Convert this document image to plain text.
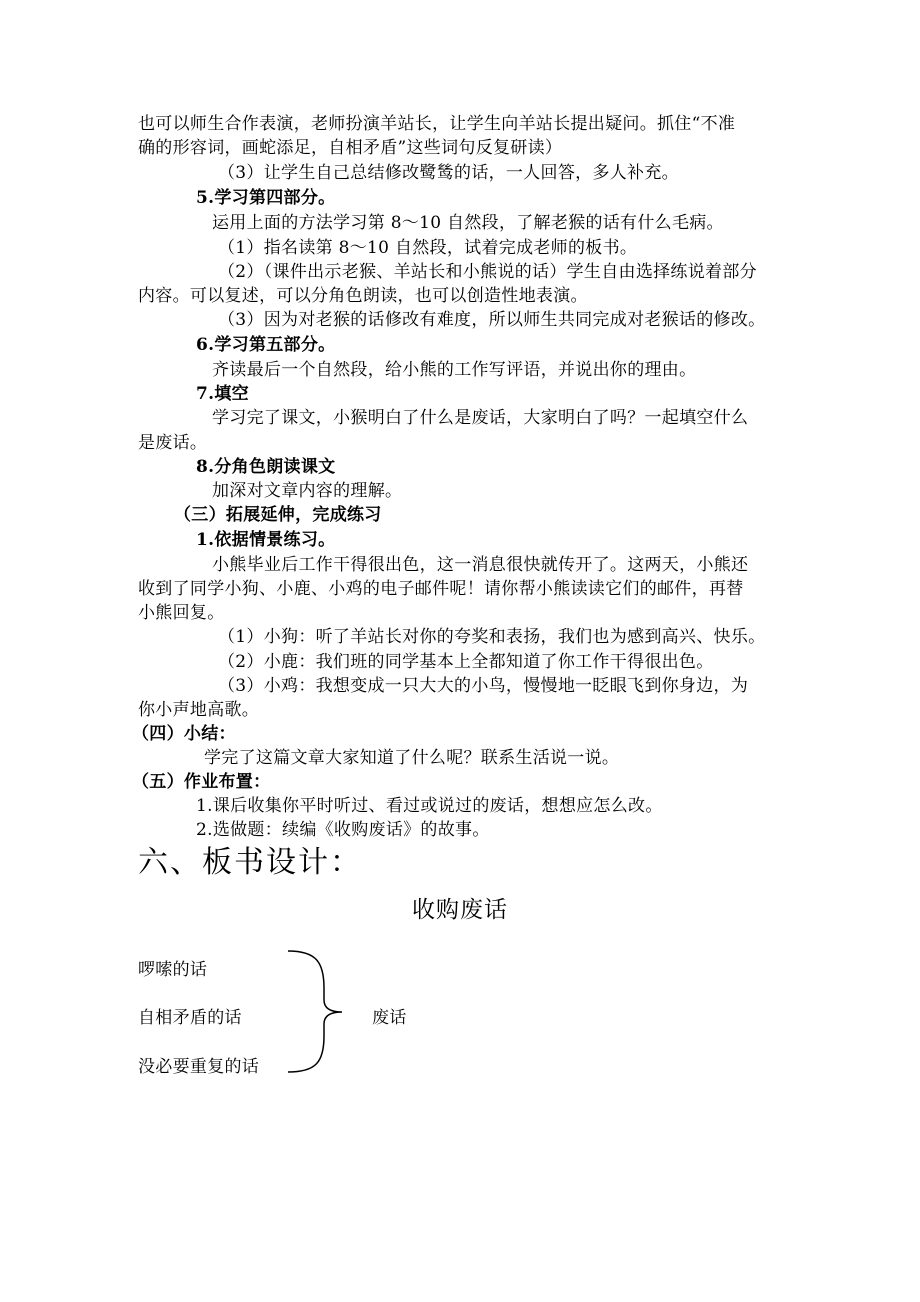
也可以师生合作表演，老师扮演羊站长，让学生向羊站长提出疑问。抓住“不准
确的形容词，画蛇添足，自相矛盾”这些词句反复研读）
（3）让学生自己总结修改鹭鸶的话，一人回答，多人补充。
5.学习第四部分。
运用上面的方法学习第 8～10 自然段，了解老猴的话有什么毛病。
（1）指名读第 8～10 自然段，试着完成老师的板书。
（2）（课件出示老猴、羊站长和小熊说的话）学生自由选择练说着部分
内容。可以复述，可以分角色朗读，也可以创造性地表演。
（3）因为对老猴的话修改有难度，所以师生共同完成对老猴话的修改。
6.学习第五部分。
齐读最后一个自然段，给小熊的工作写评语，并说出你的理由。
7.填空
学习完了课文，小猴明白了什么是废话，大家明白了吗？一起填空什么
是废话。
8.分角色朗读课文
加深对文章内容的理解。
（三）拓展延伸，完成练习
1.依据情景练习。
小熊毕业后工作干得很出色，这一消息很快就传开了。这两天，小熊还
收到了同学小狗、小鹿、小鸡的电子邮件呢！请你帮小熊读读它们的邮件，再替
小熊回复。
（1）小狗：听了羊站长对你的夸奖和表扬，我们也为感到高兴、快乐。
（2）小鹿：我们班的同学基本上全都知道了你工作干得很出色。
（3）小鸡：我想变成一只大大的小鸟，慢慢地一眨眼飞到你身边，为
你小声地高歌。
（四）小结：
学完了这篇文章大家知道了什么呢？联系生活说一说。
（五）作业布置：
1.课后收集你平时听过、看过或说过的废话，想想应怎么改。
2.选做题：续编《收购废话》的故事。
六、板书设计：
收购废话
啰嗦的话
自相矛盾的话
没必要重复的话
废话
